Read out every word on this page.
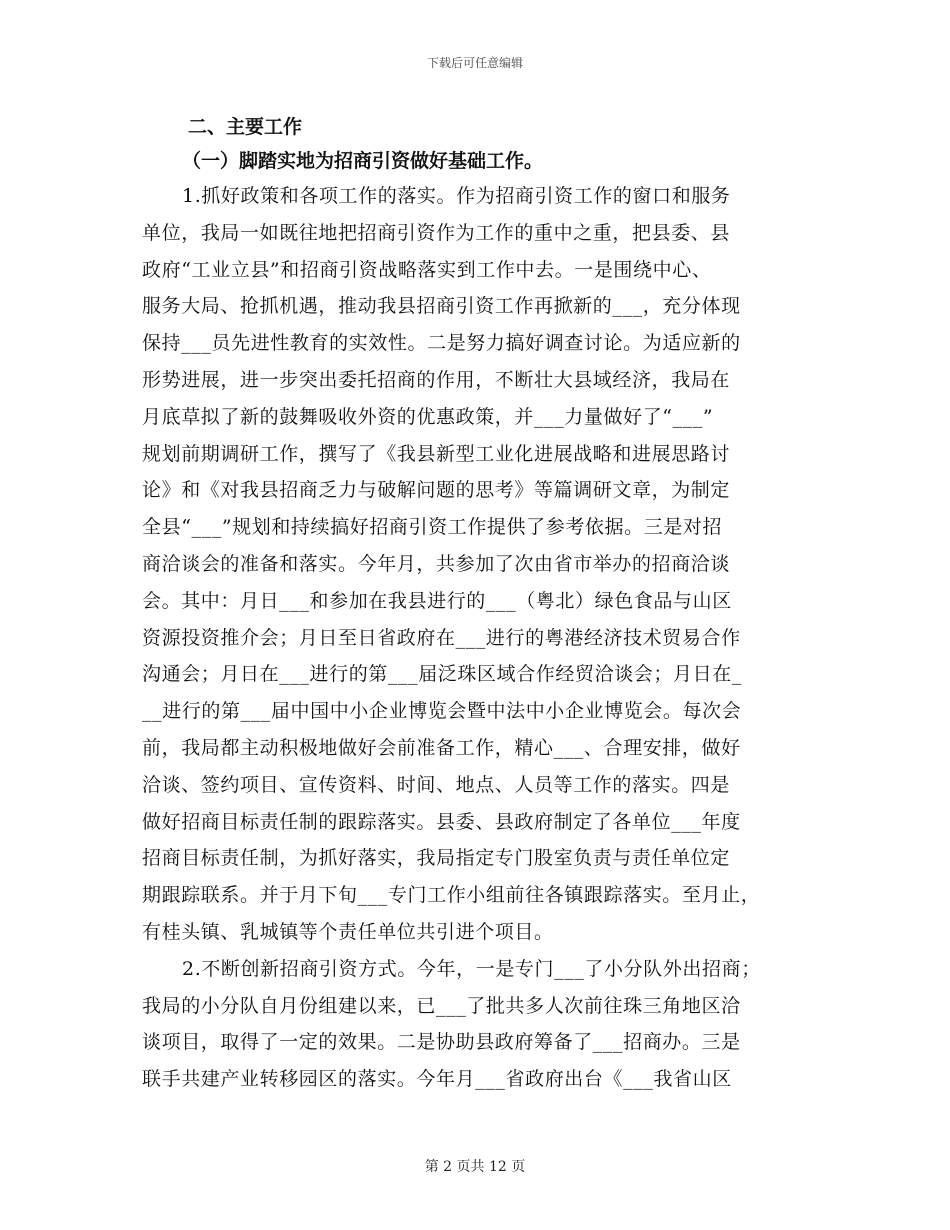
下载后可任意编辑

二、主要工作

（一）脚踏实地为招商引资做好基础工作。

1.抓好政策和各项工作的落实。作为招商引资工作的窗口和服务

单位，我局一如既往地把招商引资作为工作的重中之重，把县委、县

政府“工业立县”和招商引资战略落实到工作中去。一是围绕中心、

服务大局、抢抓机遇，推动我县招商引资工作再掀新的___，充分体现

保持___员先进性教育的实效性。二是努力搞好调查讨论。为适应新的

形势进展，进一步突出委托招商的作用，不断壮大县域经济，我局在

月底草拟了新的鼓舞吸收外资的优惠政策，并___力量做好了“___”

规划前期调研工作，撰写了《我县新型工业化进展战略和进展思路讨

论》和《对我县招商乏力与破解问题的思考》等篇调研文章，为制定

全县“___”规划和持续搞好招商引资工作提供了参考依据。三是对招

商洽谈会的准备和落实。今年月，共参加了次由省市举办的招商洽谈

会。其中：月日___和参加在我县进行的___（粤北）绿色食品与山区

资源投资推介会；月日至日省政府在___进行的粤港经济技术贸易合作

沟通会；月日在___进行的第___届泛珠区域合作经贸洽谈会；月日在_

__进行的第___届中国中小企业博览会暨中法中小企业博览会。每次会

前，我局都主动积极地做好会前准备工作，精心___、合理安排，做好

洽谈、签约项目、宣传资料、时间、地点、人员等工作的落实。四是

做好招商目标责任制的跟踪落实。县委、县政府制定了各单位___年度

招商目标责任制，为抓好落实，我局指定专门股室负责与责任单位定

期跟踪联系。并于月下旬___专门工作小组前往各镇跟踪落实。至月止，

有桂头镇、乳城镇等个责任单位共引进个项目。

2.不断创新招商引资方式。今年，一是专门___了小分队外出招商；

我局的小分队自月份组建以来，已___了批共多人次前往珠三角地区洽

谈项目，取得了一定的效果。二是协助县政府筹备了___招商办。三是

联手共建产业转移园区的落实。今年月___省政府出台《___我省山区

第 2 页共 12 页
